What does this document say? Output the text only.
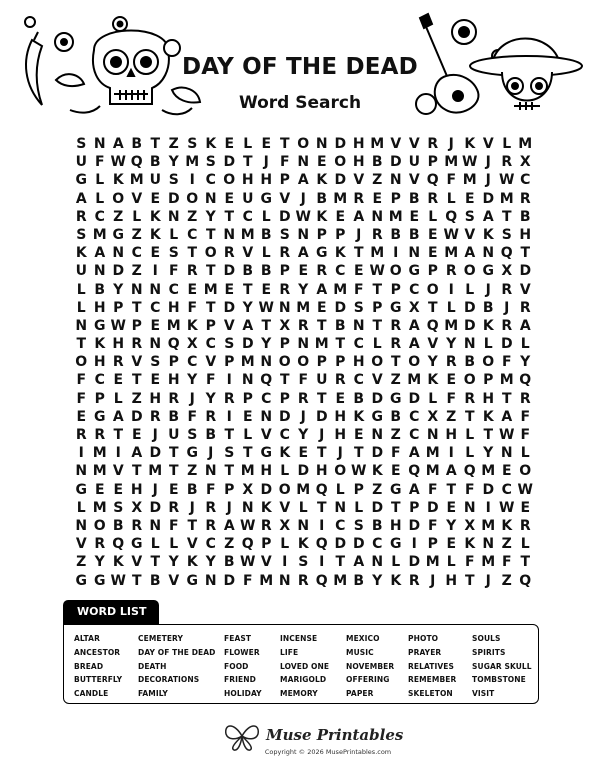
DAY OF THE DEAD
Word Search
S N A B T Z S K E L E T O N D H M V V R J K V L M
U F W Q B Y M S D T J F N E O H B D U P M W J R X
G L K M U S I C O H H P A K D V Z N V Q F M J W C
A L O V E D O N E U G V J B M R E P B R L E D M R
R C Z L K N Z Y T C L D W K E A N M E L Q S A T B
S M G Z K L C T N M B S N P P J R B B E W V K S H
K A N C E S T O R V L R A G K T M I N E M A N Q T
U N D Z I F R T D B B P E R C E W O G P R O G X D
L B Y N N C E M E T E R Y A M F T P C O I L J R V
L H P T C H F T D Y W N M E D S P G X T L D B J R
N G W P E M K P V A T X R T B N T R A Q M D K R A
T K H R N Q X C S D Y P N M T C L R A V Y N L D L
O H R V S P C V P M N O O P P H O T O Y R B O F Y
F C E T E H Y F I N Q T F U R C V Z M K E O P M Q
F P L Z H R J Y R P C P R T E B D G D L F R H T R
E G A D R B F R I E N D J D H K G B C X Z T K A F
R R T E J U S B T L V C Y J H E N Z C N H L T W F
I M I A D T G J S T G K E T J T D F A M I L Y N L
N M V T M T Z N T M H L D H O W K E Q M A Q M E O
G E E H J E B F P X D O M Q L P Z G A F T F D C W
L M S X D R J R J N K V L T N L D T P D E N I W E
N O B R N F T R A W R X N I C S B H D F Y X M K R
V R Q G L L V C Z Q P L K Q D D C G I P E K N Z L
Z Y K V T Y K Y B W V I S I T A N L D M L F M F T
G G W T B V G N D F M N R Q M B Y K R J H T J Z Q
WORD LIST
ALTAR
ANCESTOR
BREAD
BUTTERFLY
CANDLE
CEMETERY
DAY OF THE DEAD
DEATH
DECORATIONS
FAMILY
FEAST
FLOWER
FOOD
FRIEND
HOLIDAY
INCENSE
LIFE
LOVED ONE
MARIGOLD
MEMORY
MEXICO
MUSIC
NOVEMBER
OFFERING
PAPER
PHOTO
PRAYER
RELATIVES
REMEMBER
SKELETON
SOULS
SPIRITS
SUGAR SKULL
TOMBSTONE
VISIT
Muse Printables
Copyright © 2026 MusePrintables.com
